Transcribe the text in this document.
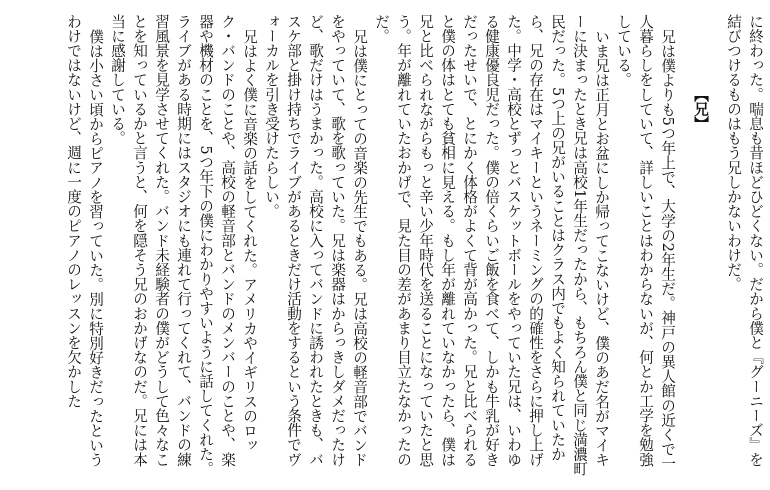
に終わった。喘息も昔ほどひどくない。だから僕と『グーニーズ』を結びつけるものはもう兄しかないわけだ。

【兄】

兄は僕よりも5つ年上で、大学の2年生だ。神戸の異人館の近くで一人暮らしをしていて、詳しいことはわからないが、何とか工学を勉強している。

いま兄は正月とお盆にしか帰ってこないけど、僕のあだ名がマイキーに決まったとき兄は高校1年生だったから、もちろん僕と同じ満濃町民だった。5つ上の兄がいることはクラス内でもよく知られていたから、兄の存在はマイキーというネーミングの的確性をさらに押し上げた。中学・高校とずっとバスケットボールをやっていた兄は、いわゆる健康優良児だった。僕の倍くらいご飯を食べて、しかも牛乳が好きだったせいで、とにかく体格がよくて背が高かった。兄と比べられると僕の体はとても貧相に見える。もし年が離れていなかったら、僕は兄と比べられながらもっと辛い少年時代を送ることになっていたと思う。年が離れていたおかげで、見た目の差があまり目立たなかったのだ。

兄は僕にとっての音楽の先生でもある。兄は高校の軽音部でバンドをやっていて、歌を歌っていた。兄は楽器はからっきしダメだったけど、歌だけはうまかった。高校に入ってバンドに誘われたときも、バスケ部と掛け持ちでライブがあるときだけ活動をするという条件でヴォーカルを引き受けたらしい。

兄はよく僕に音楽の話をしてくれた。アメリカやイギリスのロック・バンドのことや、高校の軽音部とバンドのメンバーのことや、楽器や機材のことを、5つ年下の僕にわかりやすいように話してくれた。ライブがある時期にはスタジオにも連れて行ってくれて、バンドの練習風景を見学させてくれた。バンド未経験者の僕がどうして色々なことを知っているかと言うと、何を隠そう兄のおかげなのだ。兄には本当に感謝している。

僕は小さい頃からピアノを習っていた。別に特別好きだったというわけではないけど、週に一度のピアノのレッスンを欠かした
